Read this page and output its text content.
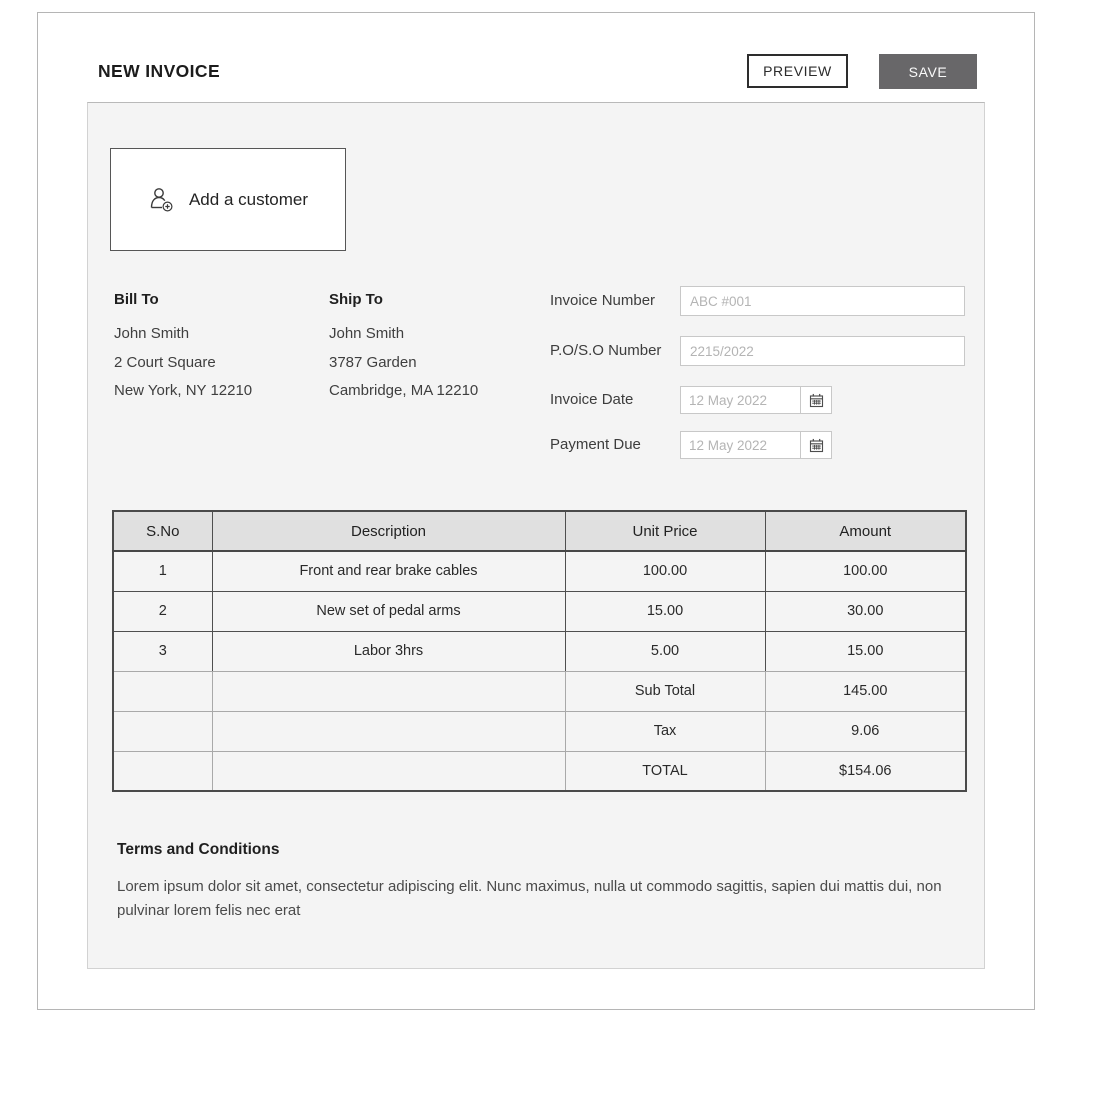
NEW INVOICE	PREVIEW	SAVE
Add a customer
Bill To
John Smith
2 Court Square
New York, NY 12210
Ship To
John Smith
3787 Garden
Cambridge, MA 12210
Invoice Number
ABC #001
P.O/S.O Number
2215/2022
Invoice Date
12 May 2022
Payment Due
12 May 2022
S.No	Description	Unit Price	Amount
1	Front and rear brake cables	100.00	100.00
2	New set of pedal arms	15.00	30.00
3	Labor 3hrs	5.00	15.00
		Sub Total	145.00
		Tax	9.06
		TOTAL	$154.06
Terms and Conditions
Lorem ipsum dolor sit amet, consectetur adipiscing elit. Nunc maximus, nulla ut commodo sagittis, sapien dui mattis dui, non pulvinar lorem felis nec erat
